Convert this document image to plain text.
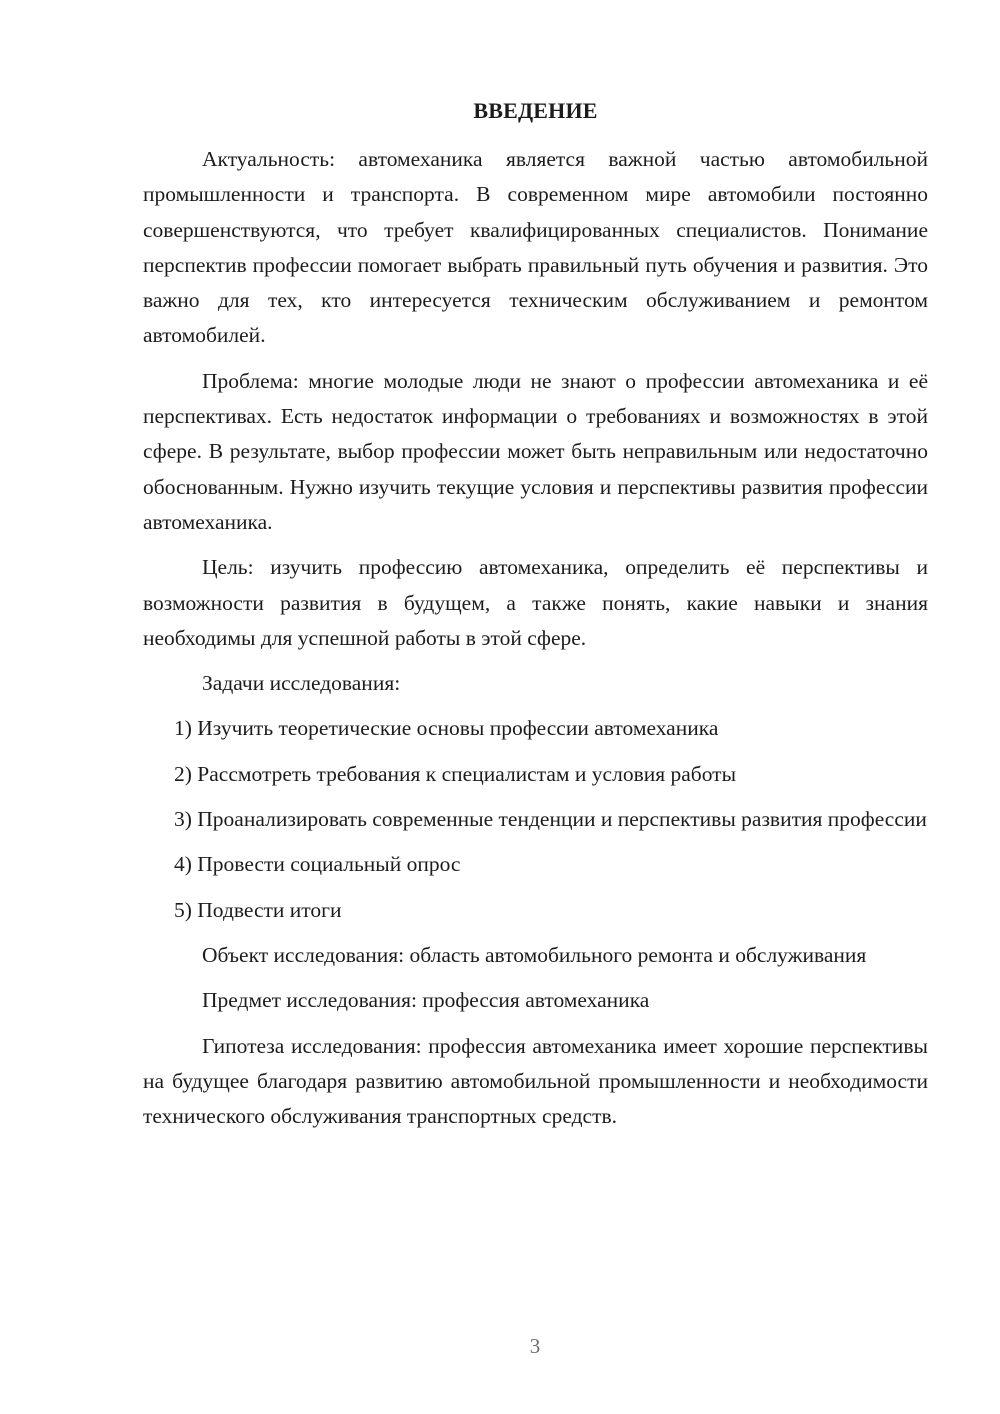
ВВЕДЕНИЕ

Актуальность: автомеханика является важной частью автомобильной промышленности и транспорта. В современном мире автомобили постоянно совершенствуются, что требует квалифицированных специалистов. Понимание перспектив профессии помогает выбрать правильный путь обучения и развития. Это важно для тех, кто интересуется техническим обслуживанием и ремонтом автомобилей.

Проблема: многие молодые люди не знают о профессии автомеханика и её перспективах. Есть недостаток информации о требованиях и возможностях в этой сфере. В результате, выбор профессии может быть неправильным или недостаточно обоснованным. Нужно изучить текущие условия и перспективы развития профессии автомеханика.

Цель: изучить профессию автомеханика, определить её перспективы и возможности развития в будущем, а также понять, какие навыки и знания необходимы для успешной работы в этой сфере.

Задачи исследования:

1) Изучить теоретические основы профессии автомеханика

2) Рассмотреть требования к специалистам и условия работы

3) Проанализировать современные тенденции и перспективы развития профессии

4) Провести социальный опрос

5) Подвести итоги

Объект исследования: область автомобильного ремонта и обслуживания

Предмет исследования: профессия автомеханика

Гипотеза исследования: профессия автомеханика имеет хорошие перспективы на будущее благодаря развитию автомобильной промышленности и необходимости технического обслуживания транспортных средств.

3
